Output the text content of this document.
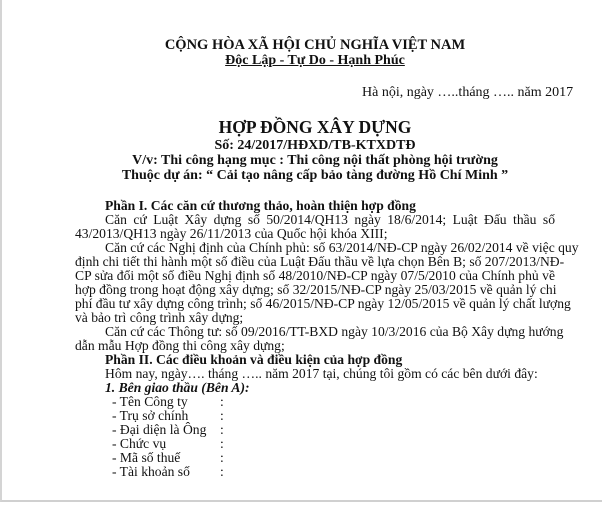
CỘNG HÒA XÃ HỘI CHỦ NGHĨA VIỆT NAM
Độc Lập - Tự Do - Hạnh Phúc
Hà nội, ngày …..tháng ….. năm 2017
HỢP ĐỒNG XÂY DỰNG
Số: 24/2017/HĐXD/TB-KTXDTĐ
V/v: Thi công hạng mục : Thi công nội thất phòng hội trường
Thuộc dự án: “ Cải tạo nâng cấp bảo tàng đường Hồ Chí Minh ”
Phần I. Các căn cứ thương thảo, hoàn thiện hợp đồng
Căn cứ Luật Xây dựng số 50/2014/QH13 ngày 18/6/2014; Luật Đấu thầu số
43/2013/QH13 ngày 26/11/2013 của Quốc hội khóa XIII;
Căn cứ các Nghị định của Chính phủ: số 63/2014/NĐ-CP ngày 26/02/2014 về việc quy
định chi tiết thi hành một số điều của Luật Đấu thầu về lựa chọn Bên B; số 207/2013/NĐ-
CP sửa đổi một số điều Nghị định số 48/2010/NĐ-CP ngày 07/5/2010 của Chính phủ về
hợp đồng trong hoạt động xây dựng; số 32/2015/NĐ-CP ngày 25/03/2015 về quản lý chi
phí đầu tư xây dựng công trình; số 46/2015/NĐ-CP ngày 12/05/2015 về quản lý chất lượng
và bảo trì công trình xây dựng;
Căn cứ các Thông tư: số 09/2016/TT-BXD ngày 10/3/2016 của Bộ Xây dựng hướng
dẫn mẫu Hợp đồng thi công xây dựng;
Phần II. Các điều khoản và điều kiện của hợp đồng
Hôm nay, ngày…. tháng ….. năm 2017 tại, chúng tôi gồm có các bên dưới đây:
1. Bên giao thầu (Bên A):
- Tên Công ty :
- Trụ sở chính :
- Đại diện là Ông :
- Chức vụ	:
- Mã số thuế	:
- Tài khoản số :
